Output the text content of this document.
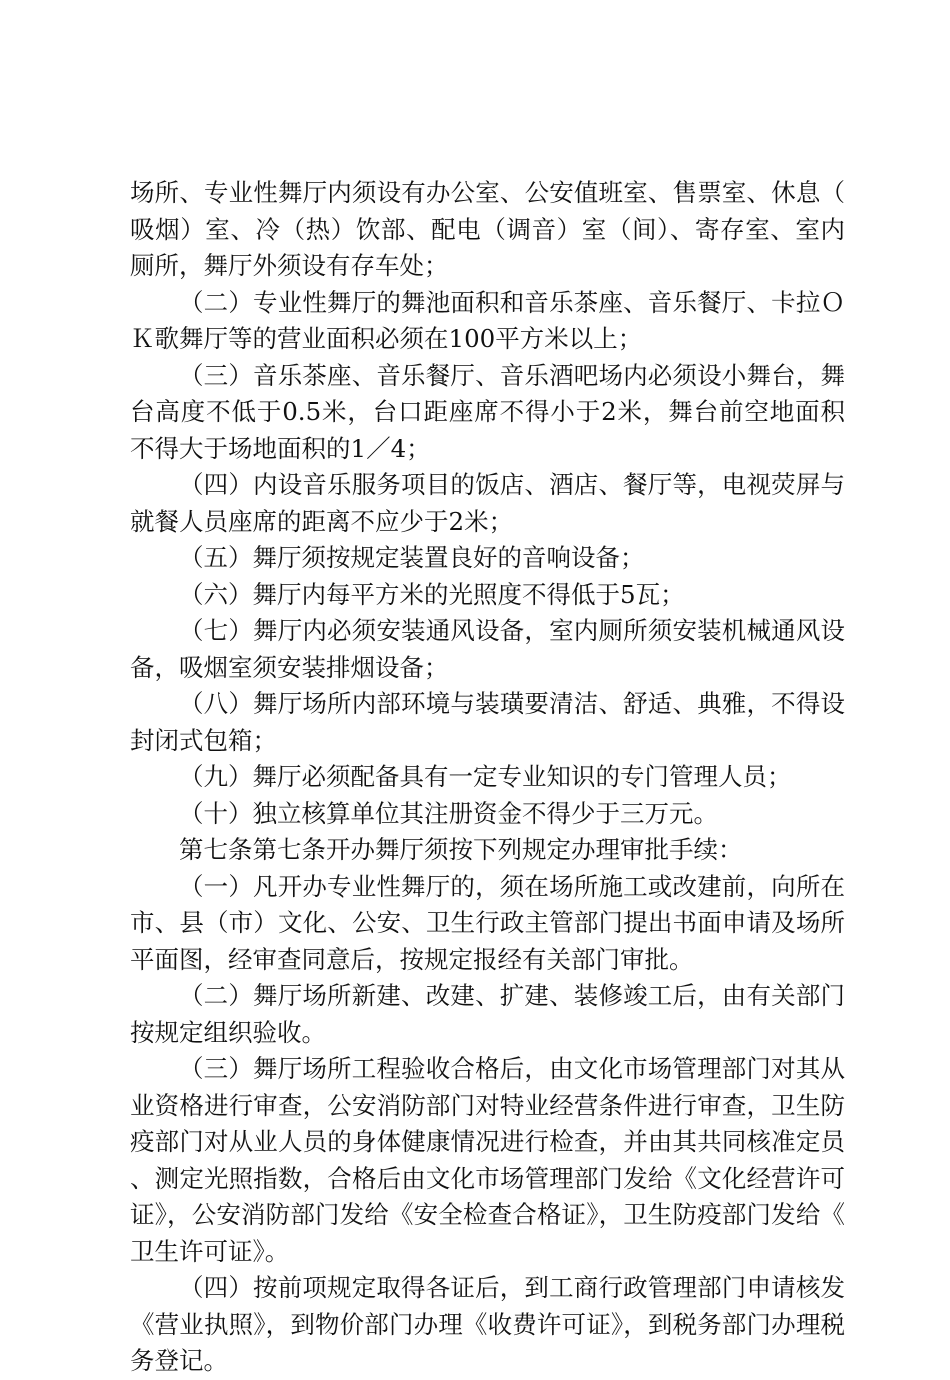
场所、专业性舞厅内须设有办公室、公安值班室、售票室、休息（吸烟）室、冷（热）饮部、配电（调音）室（间）、寄存室、室内厕所，舞厅外须设有存车处；

（二）专业性舞厅的舞池面积和音乐茶座、音乐餐厅、卡拉ＯＫ歌舞厅等的营业面积必须在100平方米以上；

（三）音乐茶座、音乐餐厅、音乐酒吧场内必须设小舞台，舞台高度不低于0.5米，台口距座席不得小于2米，舞台前空地面积不得大于场地面积的1／4；

（四）内设音乐服务项目的饭店、酒店、餐厅等，电视荧屏与就餐人员座席的距离不应少于2米；

（五）舞厅须按规定装置良好的音响设备；

（六）舞厅内每平方米的光照度不得低于5瓦；

（七）舞厅内必须安装通风设备，室内厕所须安装机械通风设备，吸烟室须安装排烟设备；

（八）舞厅场所内部环境与装璜要清洁、舒适、典雅，不得设封闭式包箱；

（九）舞厅必须配备具有一定专业知识的专门管理人员；

（十）独立核算单位其注册资金不得少于三万元。

第七条第七条开办舞厅须按下列规定办理审批手续：

（一）凡开办专业性舞厅的，须在场所施工或改建前，向所在市、县（市）文化、公安、卫生行政主管部门提出书面申请及场所平面图，经审查同意后，按规定报经有关部门审批。

（二）舞厅场所新建、改建、扩建、装修竣工后，由有关部门按规定组织验收。

（三）舞厅场所工程验收合格后，由文化市场管理部门对其从业资格进行审查，公安消防部门对特业经营条件进行审查，卫生防疫部门对从业人员的身体健康情况进行检查，并由其共同核准定员、测定光照指数，合格后由文化市场管理部门发给《文化经营许可证》，公安消防部门发给《安全检查合格证》，卫生防疫部门发给《卫生许可证》。

（四）按前项规定取得各证后，到工商行政管理部门申请核发《营业执照》，到物价部门办理《收费许可证》，到税务部门办理税务登记。
